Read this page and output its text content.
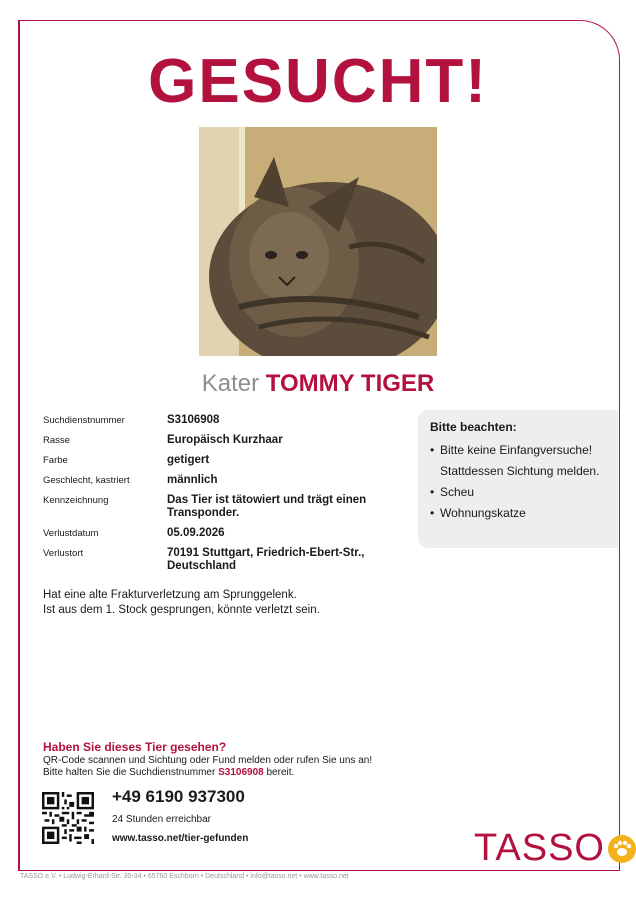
GESUCHT!
Kater TOMMY TIGER
Suchdienstnummer	S3106908
Rasse	Europäisch Kurzhaar
Farbe	getigert
Geschlecht, kastriert	männlich
Kennzeichnung	Das Tier ist tätowiert und trägt einen Transponder.
Verlustdatum	05.09.2026
Verlustort	70191 Stuttgart, Friedrich-Ebert-Str., Deutschland
Bitte beachten:
• Bitte keine Einfangversuche! Stattdessen Sichtung melden.
• Scheu
• Wohnungskatze
Hat eine alte Frakturverletzung am Sprunggelenk.
Ist aus dem 1. Stock gesprungen, könnte verletzt sein.
Haben Sie dieses Tier gesehen?
QR-Code scannen und Sichtung oder Fund melden oder rufen Sie uns an!
Bitte halten Sie die Suchdienstnummer S3106908 bereit.
+49 6190 937300
24 Stunden erreichbar
www.tasso.net/tier-gefunden	TASSO
TASSO e.V. • Ludwig-Erhard-Str. 30-34 • 65760 Eschborn • Deutschland • info@tasso.net • www.tasso.net
